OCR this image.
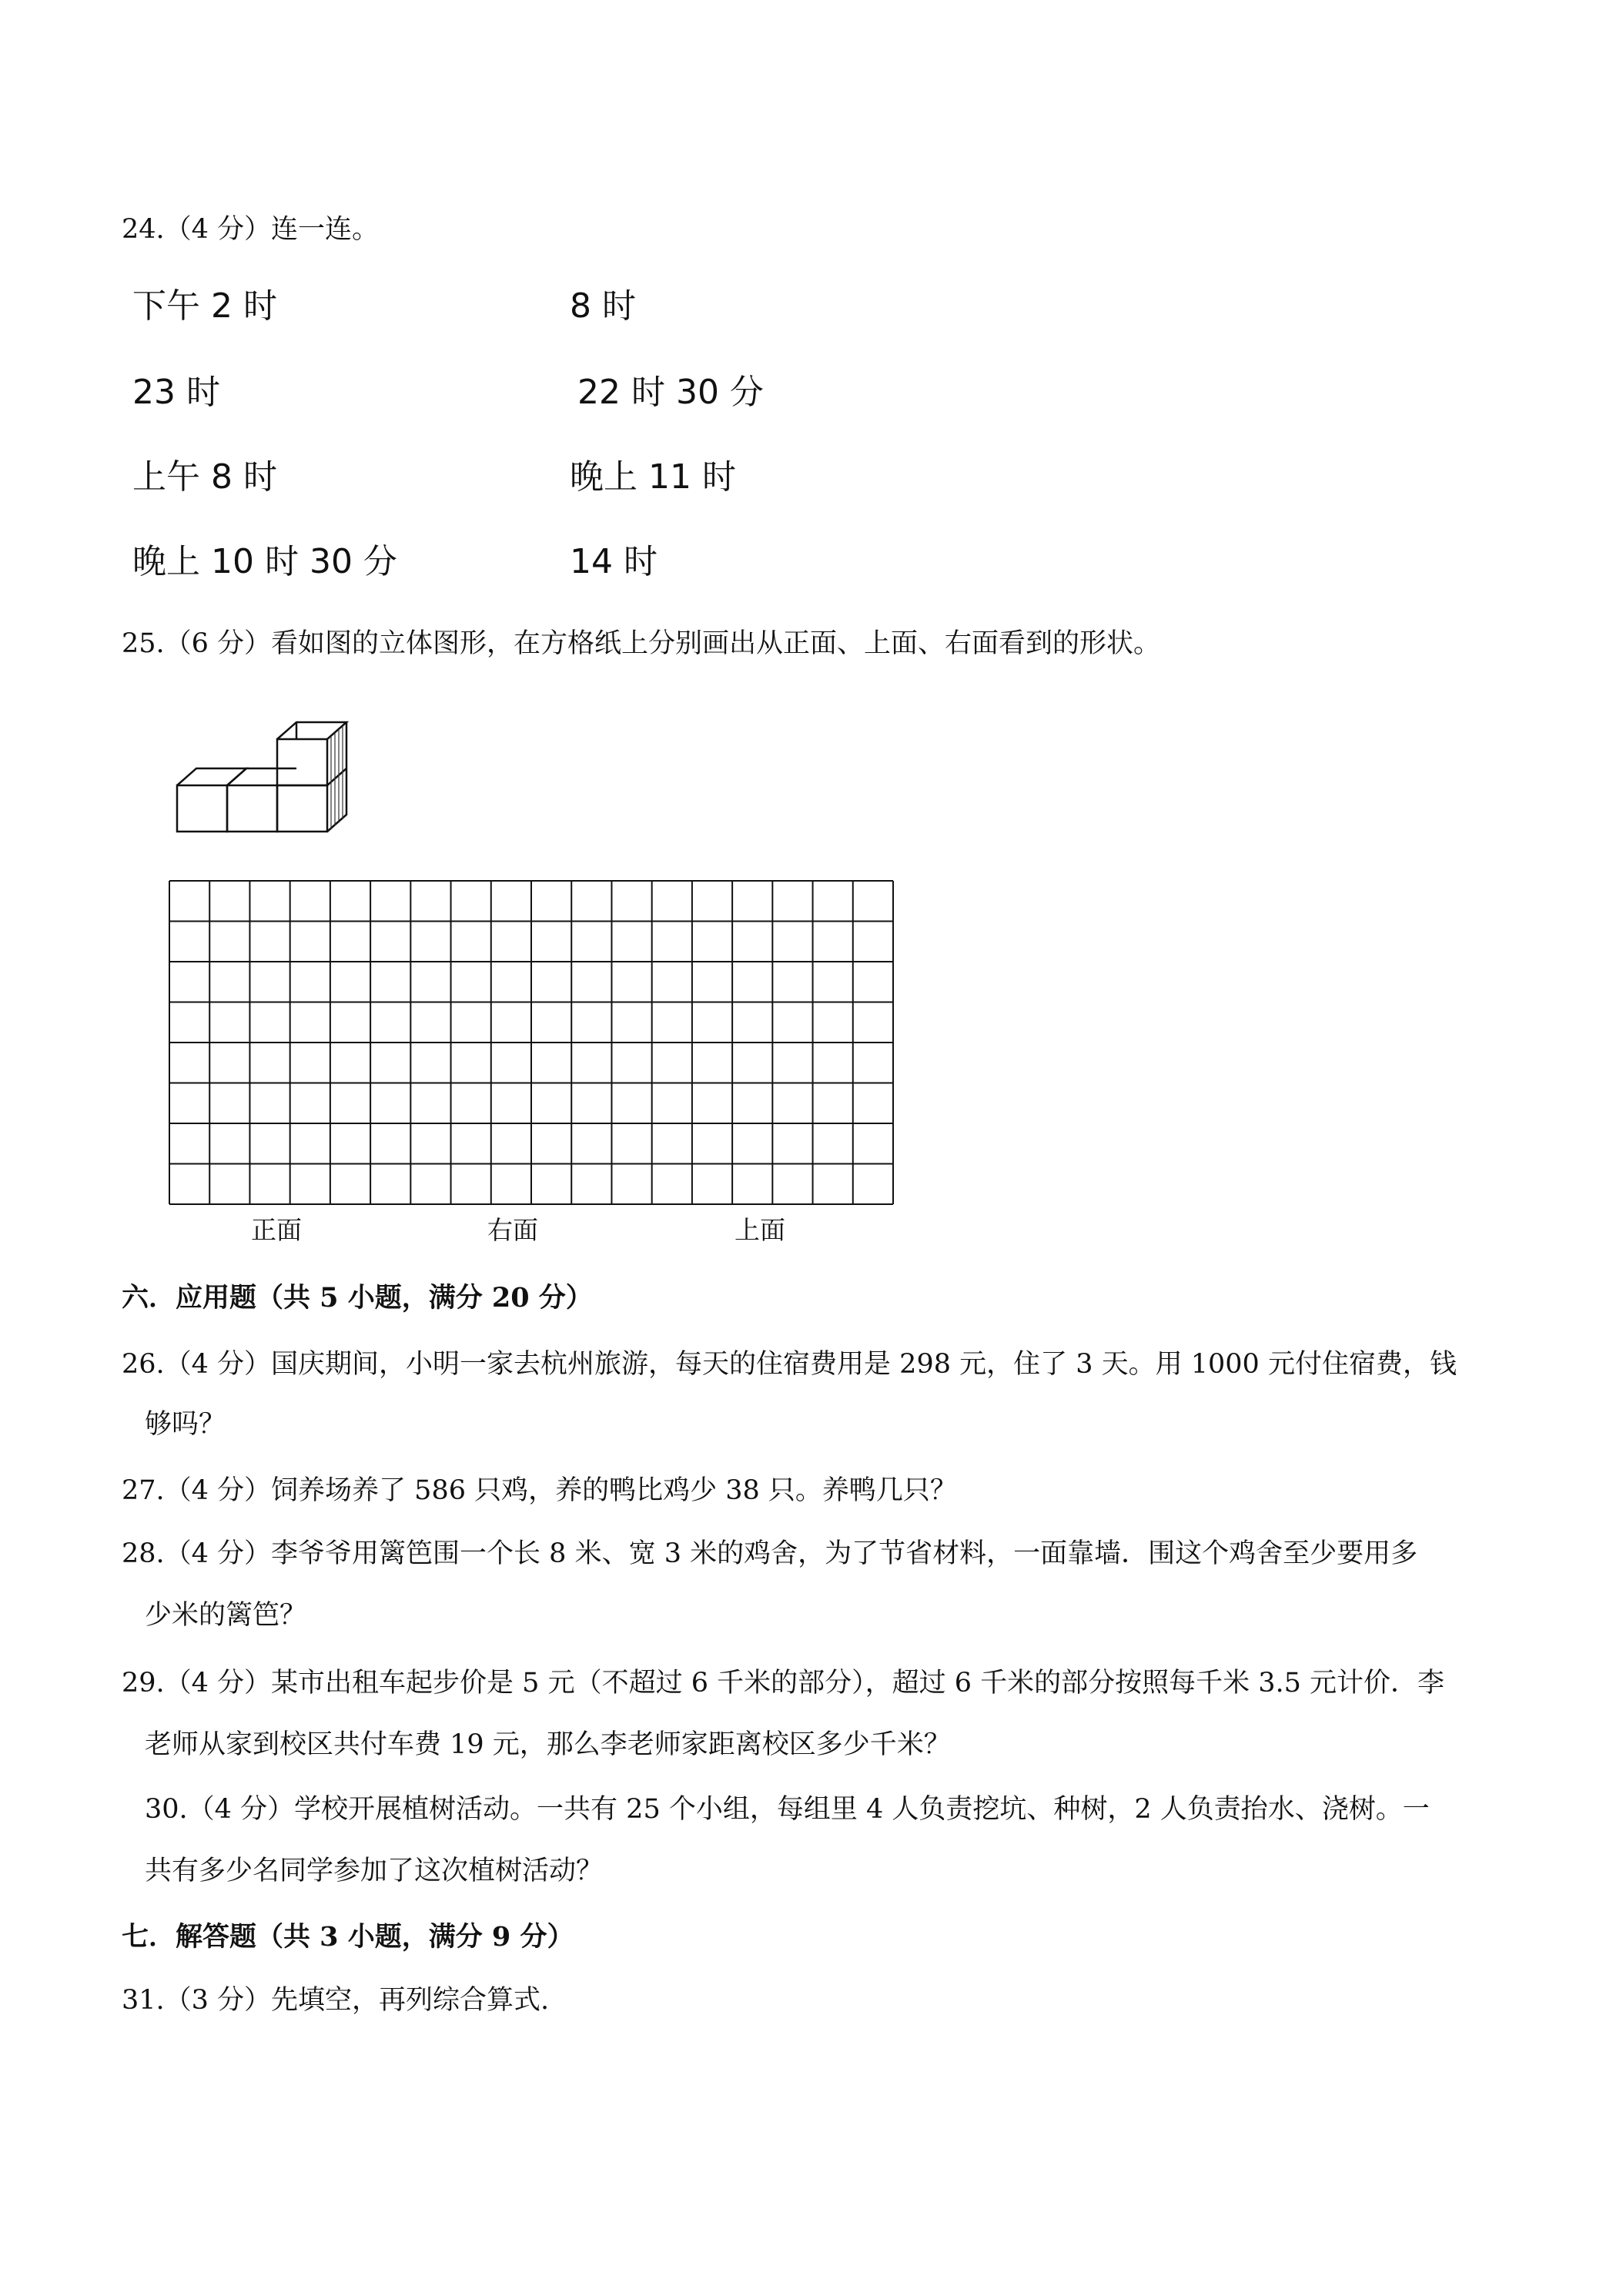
24.（4 分）连一连。
下午 2 时
23 时
上午 8 时
晚上 10 时 30 分
8 时
22 时 30 分
晚上 11 时
14 时
25.（6 分）看如图的立体图形，在方格纸上分别画出从正面、上面、右面看到的形状。
正面	右面	上面
六．应用题（共 5 小题，满分 20 分）
26.（4 分）国庆期间，小明一家去杭州旅游，每天的住宿费用是 298 元，住了 3 天。用 1000 元付住宿费，钱
够吗？
27.（4 分）饲养场养了 586 只鸡，养的鸭比鸡少 38 只。养鸭几只？
28.（4 分）李爷爷用篱笆围一个长 8 米、宽 3 米的鸡舍，为了节省材料，一面靠墙．围这个鸡舍至少要用多
少米的篱笆？
29.（4 分）某市出租车起步价是 5 元（不超过 6 千米的部分），超过 6 千米的部分按照每千米 3.5 元计价．李
老师从家到校区共付车费 19 元，那么李老师家距离校区多少千米？
30.（4 分）学校开展植树活动。一共有 25 个小组，每组里 4 人负责挖坑、种树，2 人负责抬水、浇树。一
共有多少名同学参加了这次植树活动？
七．解答题（共 3 小题，满分 9 分）
31.（3 分）先填空，再列综合算式.
